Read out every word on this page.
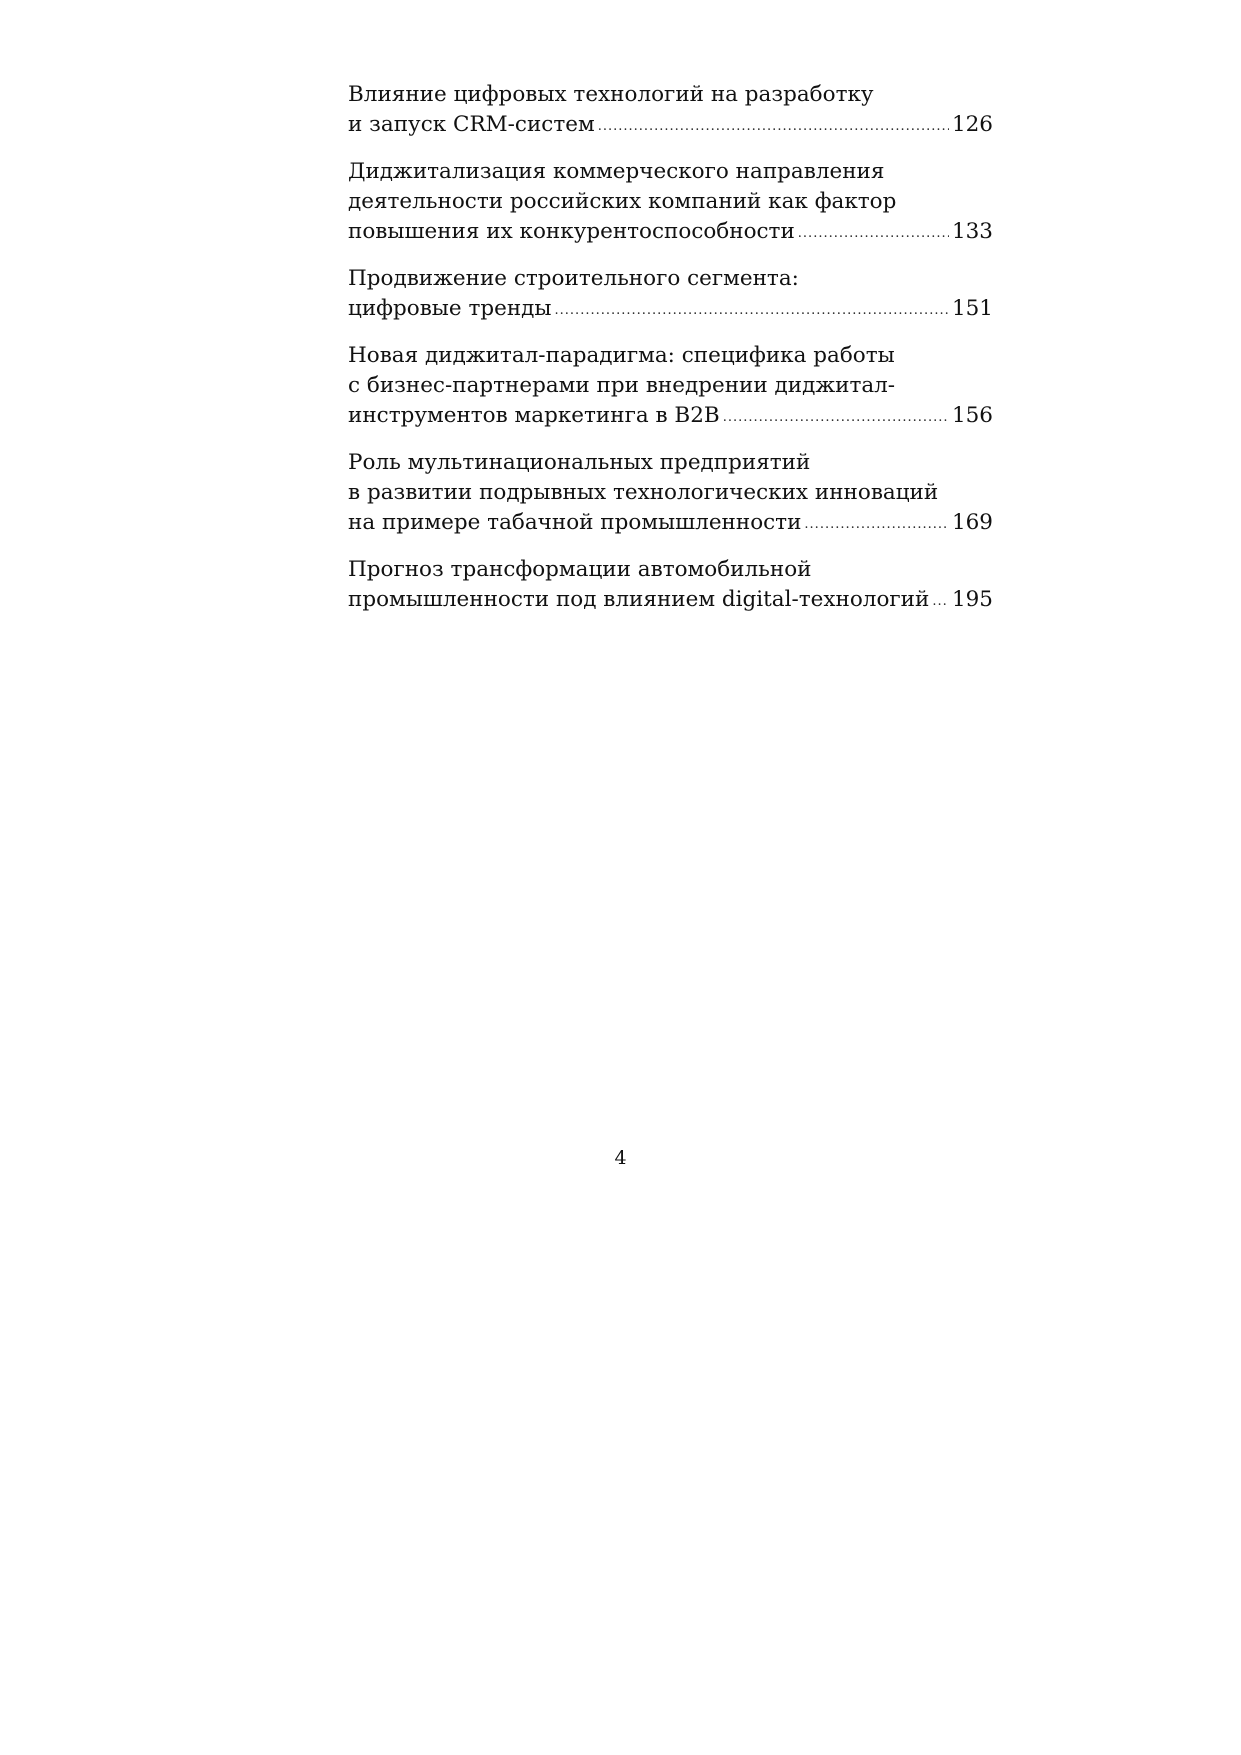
Влияние цифровых технологий на разработку
и запуск CRM-систем .....	126
Диджитализация коммерческого направления
деятельности российских компаний как фактор
повышения их конкурентоспособности .....	133
Продвижение строительного сегмента:
цифровые тренды .....	151
Новая диджитал-парадигма: специфика работы
с бизнес-партнерами при внедрении диджитал-
инструментов маркетинга в B2B .....	156
Роль мультинациональных предприятий
в развитии подрывных технологических инноваций
на примере табачной промышленности .....	169
Прогноз трансформации автомобильной
промышленности под влиянием digital-технологий ..... 195
4
